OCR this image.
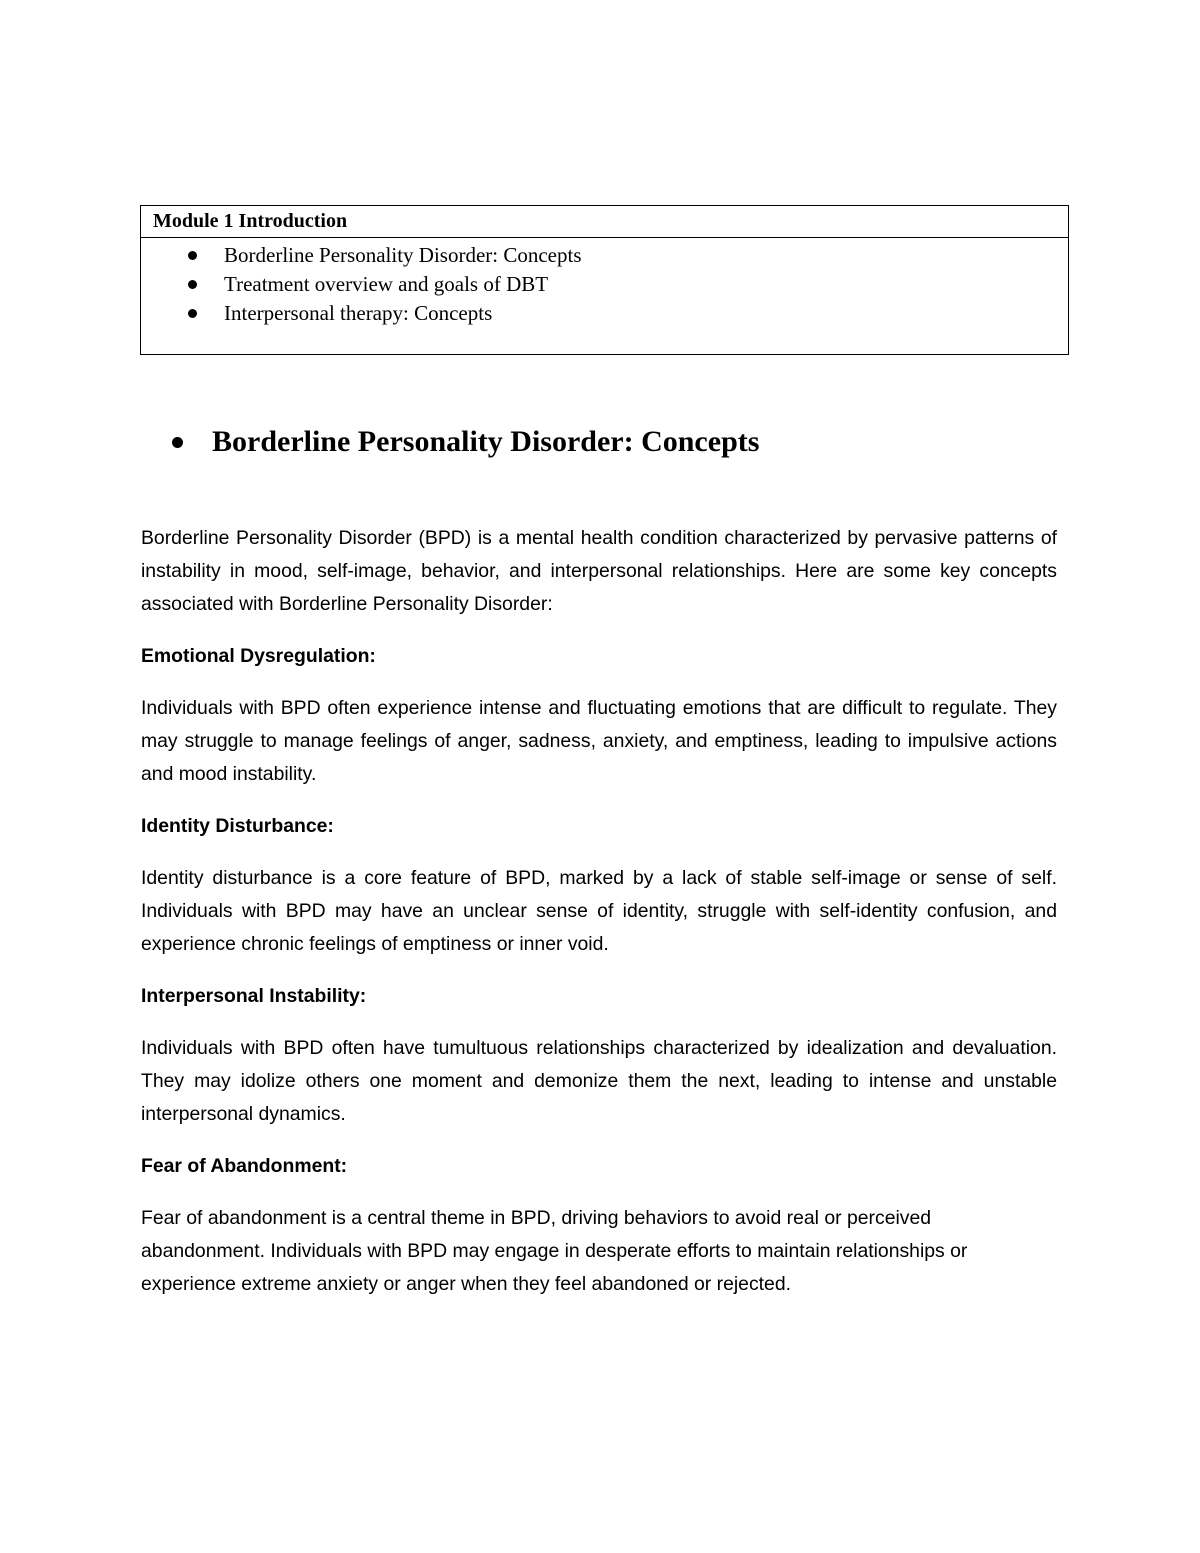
Module 1 Introduction
Borderline Personality Disorder: Concepts
Treatment overview and goals of DBT
Interpersonal therapy: Concepts
Borderline Personality Disorder: Concepts

Borderline Personality Disorder (BPD) is a mental health condition characterized by pervasive patterns of instability in mood, self-image, behavior, and interpersonal relationships. Here are some key concepts associated with Borderline Personality Disorder:

Emotional Dysregulation:

Individuals with BPD often experience intense and fluctuating emotions that are difficult to regulate. They may struggle to manage feelings of anger, sadness, anxiety, and emptiness, leading to impulsive actions and mood instability.

Identity Disturbance:

Identity disturbance is a core feature of BPD, marked by a lack of stable self-image or sense of self. Individuals with BPD may have an unclear sense of identity, struggle with self-identity confusion, and experience chronic feelings of emptiness or inner void.

Interpersonal Instability:

Individuals with BPD often have tumultuous relationships characterized by idealization and devaluation. They may idolize others one moment and demonize them the next, leading to intense and unstable interpersonal dynamics.

Fear of Abandonment:

Fear of abandonment is a central theme in BPD, driving behaviors to avoid real or perceived abandonment. Individuals with BPD may engage in desperate efforts to maintain relationships or experience extreme anxiety or anger when they feel abandoned or rejected.
